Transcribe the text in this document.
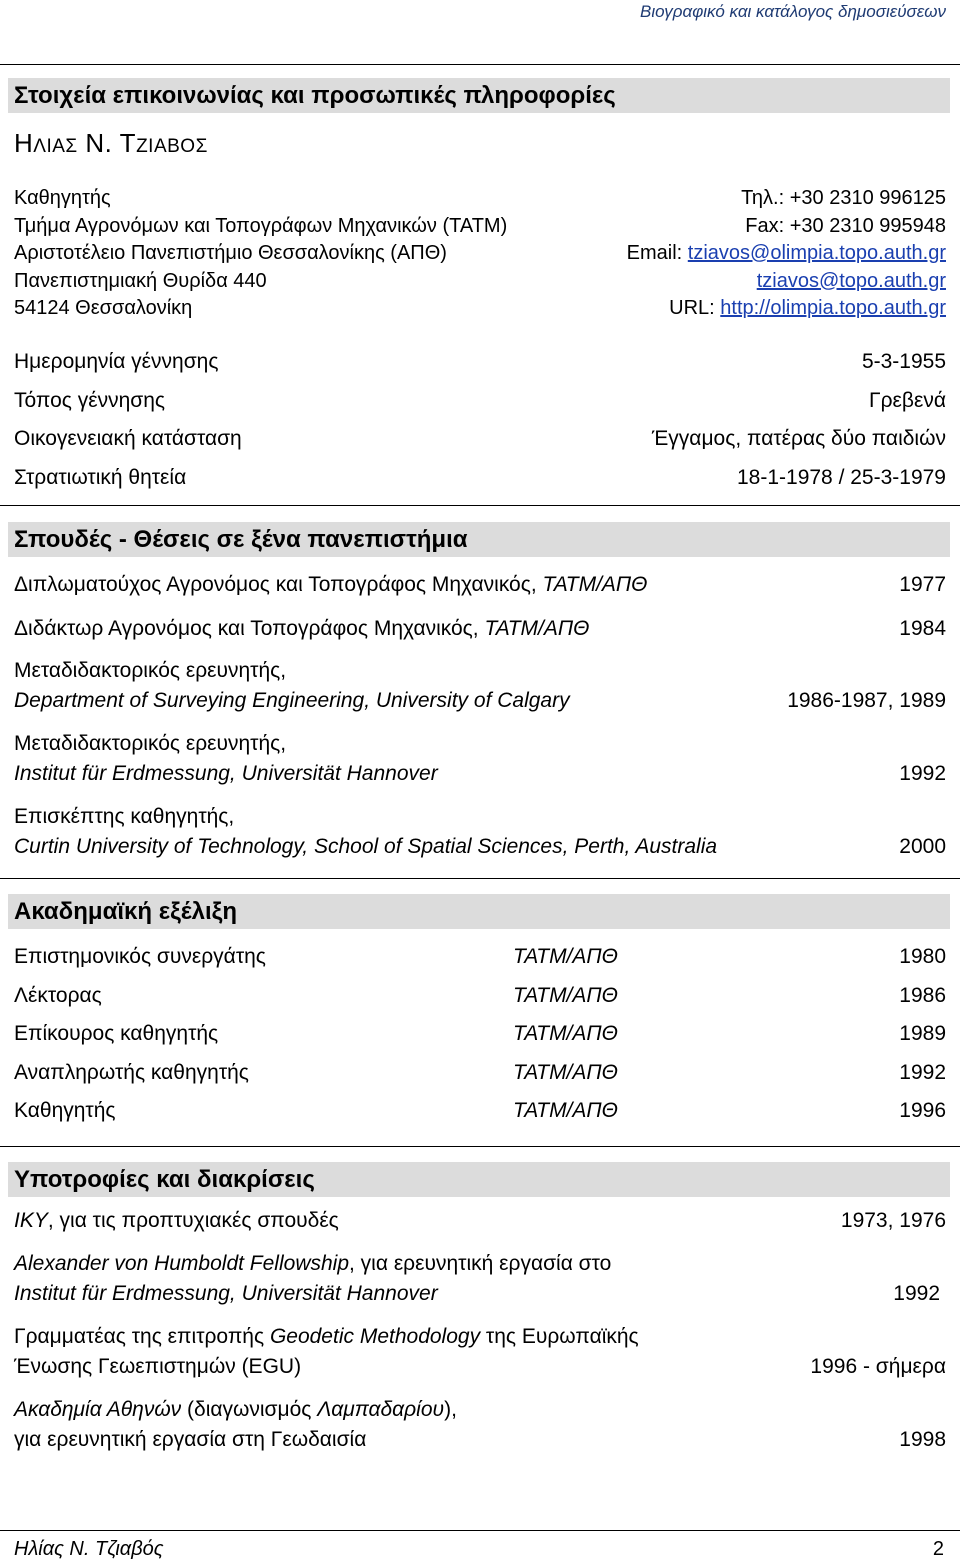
Βιογραφικό και κατάλογος δημοσιεύσεων
Στοιχεία επικοινωνίας και προσωπικές πληροφορίες
ΗΛΙΑΣ Ν. ΤΖΙΑΒΟΣ
Καθηγητής
Τμήμα Αγρονόμων και Τοπογράφων Μηχανικών (ΤΑΤΜ)
Αριστοτέλειο Πανεπιστήμιο Θεσσαλονίκης (ΑΠΘ)
Πανεπιστημιακή Θυρίδα 440
54124 Θεσσαλονίκη
Τηλ.: +30 2310 996125
Fax: +30 2310 995948
Email: tziavos@olimpia.topo.auth.gr
tziavos@topo.auth.gr
URL: http://olimpia.topo.auth.gr
Ημερομηνία γέννησης	5-3-1955
Τόπος γέννησης	Γρεβενά
Οικογενειακή κατάσταση	Έγγαμος, πατέρας δύο παιδιών
Στρατιωτική θητεία	18-1-1978 / 25-3-1979
Σπουδές - Θέσεις σε ξένα πανεπιστήμια
Διπλωματούχος Αγρονόμος και Τοπογράφος Μηχανικός, ΤΑΤΜ/ΑΠΘ	1977
Διδάκτωρ Αγρονόμος και Τοπογράφος Μηχανικός, ΤΑΤΜ/ΑΠΘ	1984
Μεταδιδακτορικός ερευνητής,
Department of Surveying Engineering, University of Calgary	1986-1987, 1989
Μεταδιδακτορικός ερευνητής,
Institut für Erdmessung, Universität Hannover	1992
Επισκέπτης καθηγητής,
Curtin University of Technology, School of Spatial Sciences, Perth, Australia	2000
Ακαδημαϊκή εξέλιξη
Επιστημονικός συνεργάτης	ΤΑΤΜ/ΑΠΘ	1980
Λέκτορας	ΤΑΤΜ/ΑΠΘ	1986
Επίκουρος καθηγητής	ΤΑΤΜ/ΑΠΘ	1989
Αναπληρωτής καθηγητής	ΤΑΤΜ/ΑΠΘ	1992
Καθηγητής	ΤΑΤΜ/ΑΠΘ	1996
Υποτροφίες και διακρίσεις
ΙΚΥ, για τις προπτυχιακές σπουδές	1973, 1976
Alexander von Humboldt Fellowship, για ερευνητική εργασία στο
Institut für Erdmessung, Universität Hannover	1992
Γραμματέας της επιτροπής Geodetic Methodology της Ευρωπαϊκής
Ένωσης Γεωεπιστημών (EGU)	1996 - σήμερα
Ακαδημία Αθηνών (διαγωνισμός Λαμπαδαρίου),
για ερευνητική εργασία στη Γεωδαισία	1998
Ηλίας Ν. Τζιαβός	2
